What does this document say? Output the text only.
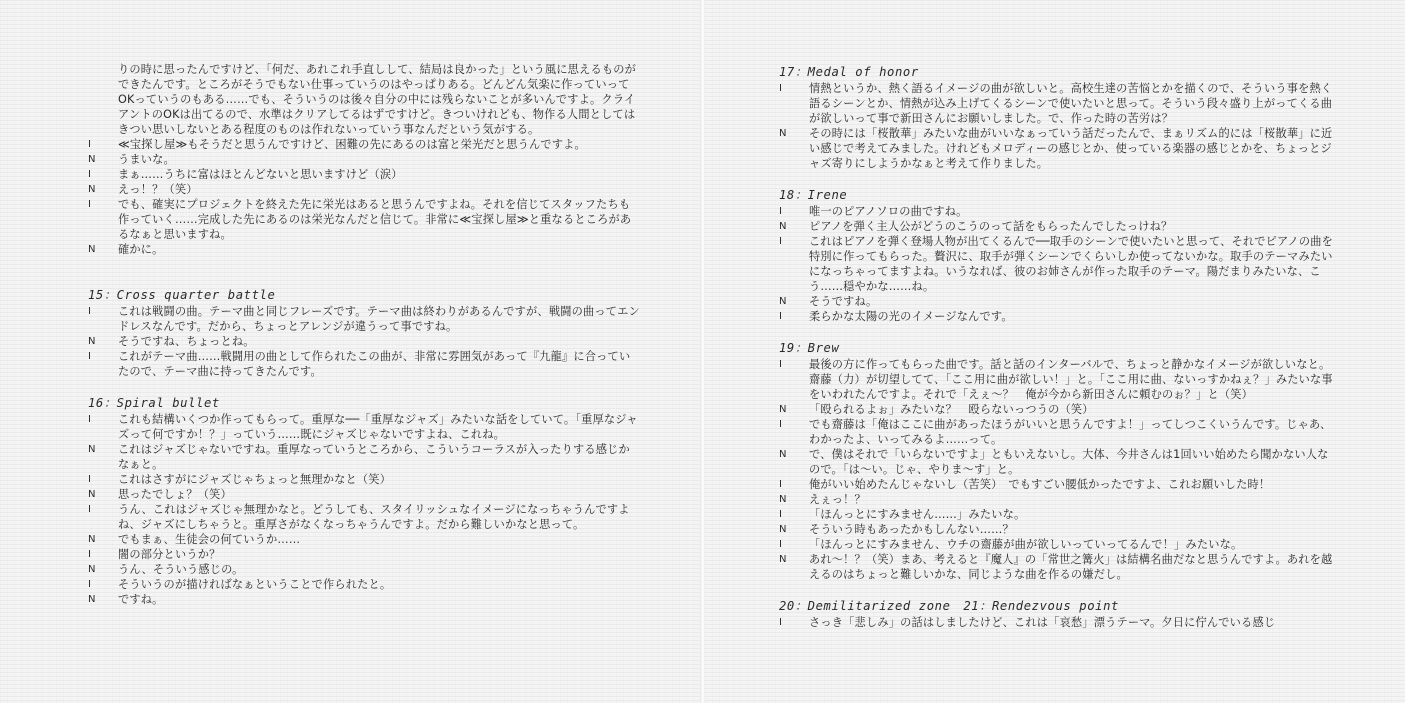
りの時に思ったんですけど、「何だ、あれこれ手直しして、結局は良かった」という風に思えるものができたんです。ところがそうでもない仕事っていうのはやっぱりある。どんどん気楽に作っていってOKっていうのもある……でも、そういうのは後々自分の中には残らないことが多いんですよ。クライアントのOKは出てるので、水準はクリアしてるはずですけど。きついけれども、物作る人間としてはきつい思いしないとある程度のものは作れないっていう事なんだという気がする。
I	≪宝探し屋≫もそうだと思うんですけど、困難の先にあるのは富と栄光だと思うんですよ。
N	うまいな。
I	まぁ……うちに富はほとんどないと思いますけど（涙）
N	えっ！？（笑）
I	でも、確実にプロジェクトを終えた先に栄光はあると思うんですよね。それを信じてスタッフたちも作っていく……完成した先にあるのは栄光なんだと信じて。非常に≪宝探し屋≫と重なるところがあるなぁと思いますね。
N	確かに。
15：Cross quarter battle
I	これは戦闘の曲。テーマ曲と同じフレーズです。テーマ曲は終わりがあるんですが、戦闘の曲ってエンドレスなんです。だから、ちょっとアレンジが違うって事ですね。
N	そうですね、ちょっとね。
I	これがテーマ曲……戦闘用の曲として作られたこの曲が、非常に雰囲気があって『九龍』に合っていたので、テーマ曲に持ってきたんです。
16：Spiral bullet
I	これも結構いくつか作ってもらって。重厚な──「重厚なジャズ」みたいな話をしていて。「重厚なジャズって何ですか！？」っていう……既にジャズじゃないですよね、これね。
N	これはジャズじゃないですね。重厚なっていうところから、こういうコーラスが入ったりする感じかなぁと。
I	これはさすがにジャズじゃちょっと無理かなと（笑）
N	思ったでしょ？（笑）
I	うん、これはジャズじゃ無理かなと。どうしても、スタイリッシュなイメージになっちゃうんですよね、ジャズにしちゃうと。重厚さがなくなっちゃうんですよ。だから難しいかなと思って。
N	でもまぁ、生徒会の何ていうか……
I	闇の部分というか？
N	うん、そういう感じの。
I	そういうのが描ければなぁということで作られたと。
N	ですね。
17：Medal of honor
I	情熱というか、熱く語るイメージの曲が欲しいと。高校生達の苦悩とかを描くので、そういう事を熱く語るシーンとか、情熱が込み上げてくるシーンで使いたいと思って。そういう段々盛り上がってくる曲が欲しいって事で新田さんにお願いしました。で、作った時の苦労は？
N	その時には「桜散華」みたいな曲がいいなぁっていう話だったんで、まぁリズム的には「桜散華」に近い感じで考えてみました。けれどもメロディーの感じとか、使っている楽器の感じとかを、ちょっとジャズ寄りにしようかなぁと考えて作りました。
18：Irene
I	唯一のピアノソロの曲ですね。
N	ピアノを弾く主人公がどうのこうのって話をもらったんでしたっけね？
I	これはピアノを弾く登場人物が出てくるんで──取手のシーンで使いたいと思って、それでピアノの曲を特別に作ってもらった。贅沢に、取手が弾くシーンでくらいしか使ってないかな。取手のテーマみたいになっちゃってますよね。いうなれば、彼のお姉さんが作った取手のテーマ。陽だまりみたいな、こう……穏やかな……ね。
N	そうですね。
I	柔らかな太陽の光のイメージなんです。
19：Brew
I	最後の方に作ってもらった曲です。話と話のインターバルで、ちょっと静かなイメージが欲しいなと。齋藤（力）が切望してて、「ここ用に曲が欲しい！」と。「ここ用に曲、ないっすかねぇ？」みたいな事をいわれたんですよ。それで「えぇ～？　俺が今から新田さんに頼むのぉ？」と（笑）
N	「殴られるよぉ」みたいな？　殴らないっつうの（笑）
I	でも齋藤は「俺はここに曲があったほうがいいと思うんですよ！」ってしつこくいうんです。じゃあ、わかったよ、いってみるよ……って。
N	で、僕はそれで「いらないですよ」ともいえないし。大体、今井さんは1回いい始めたら聞かない人なので。「は～い。じゃ、やりま～す」と。
I	俺がいい始めたんじゃないし（苦笑）　でもすごい腰低かったですよ、これお願いした時！
N	えぇっ！？
I	「ほんっとにすみません……」みたいな。
N	そういう時もあったかもしんない……？
I	「ほんっとにすみません、ウチの齋藤が曲が欲しいっていってるんで！」みたいな。
N	あれ～！？（笑）まあ、考えると『魔人』の「常世之篝火」は結構名曲だなと思うんですよ。あれを越えるのはちょっと難しいかな、同じような曲を作るの嫌だし。
20：Demilitarized zone　21：Rendezvous point
I	さっき「悲しみ」の話はしましたけど、これは「哀愁」漂うテーマ。夕日に佇んでいる感じ
